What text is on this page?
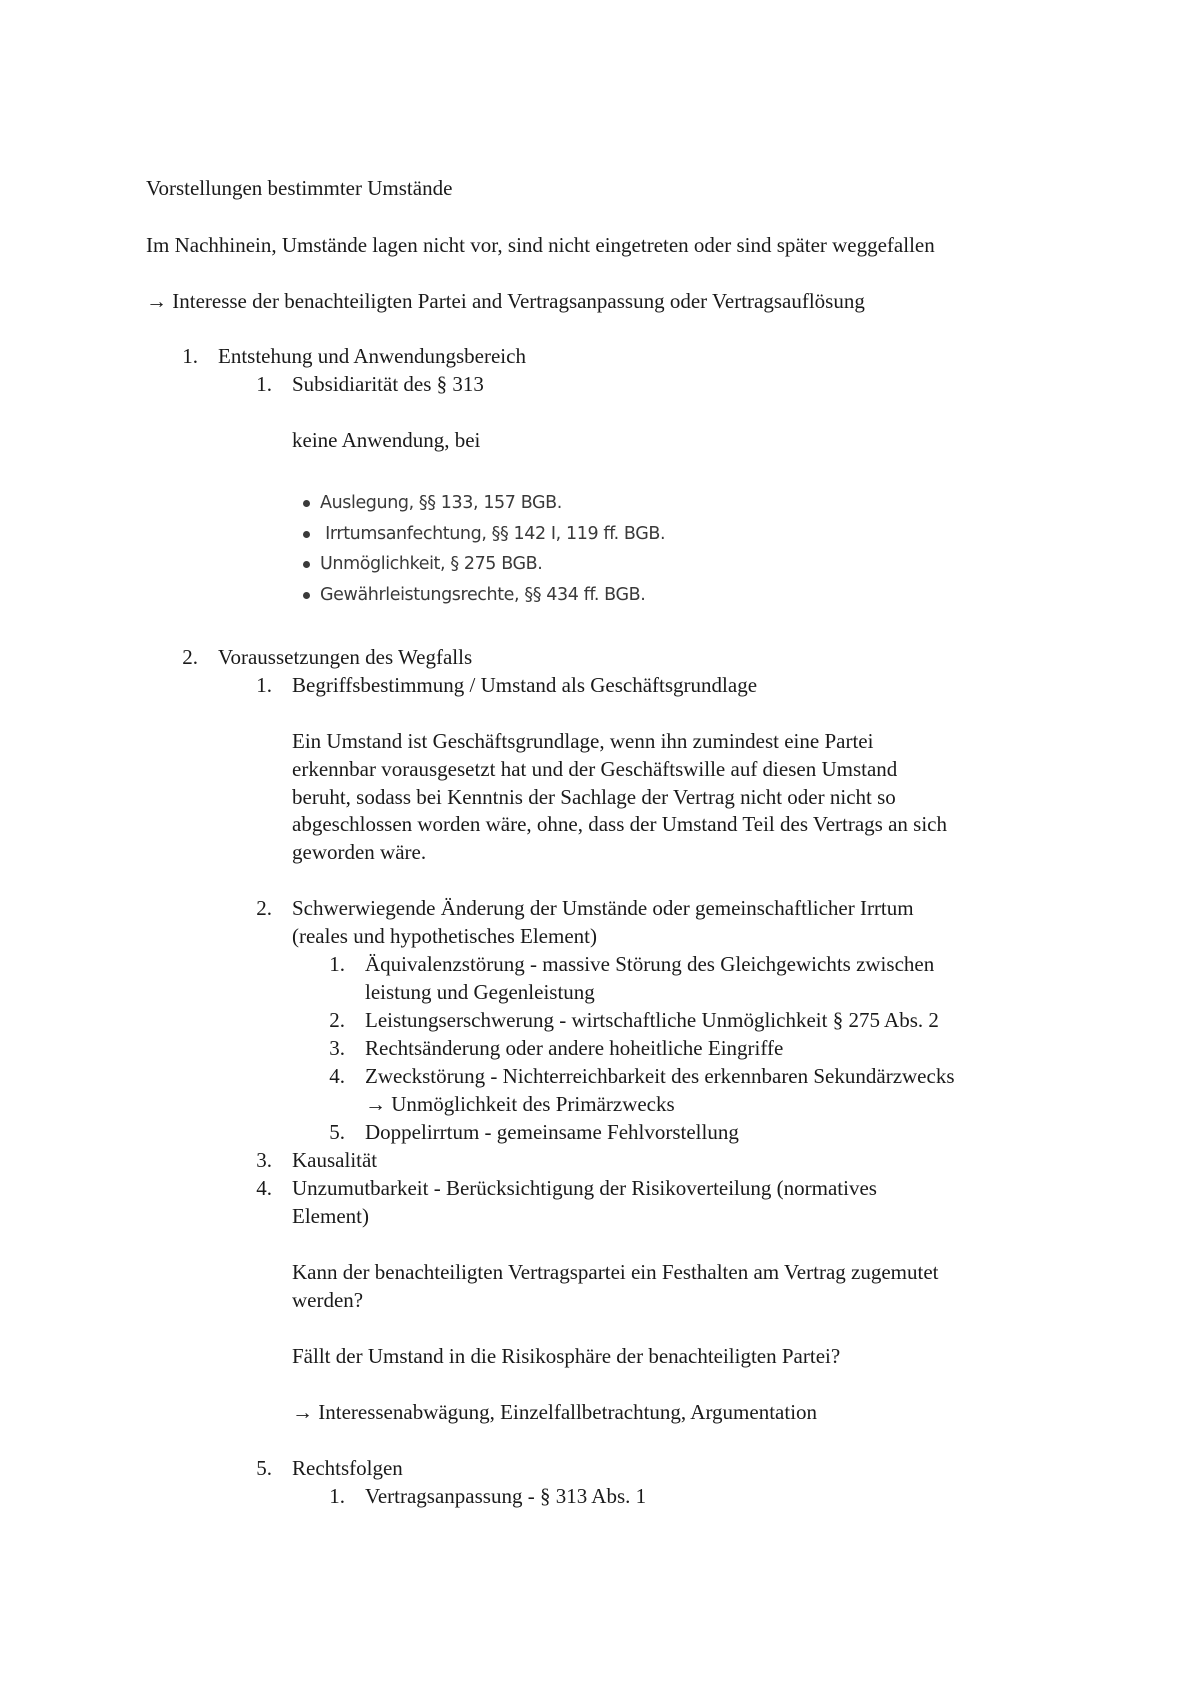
Vorstellungen bestimmter Umstände
Im Nachhinein, Umstände lagen nicht vor, sind nicht eingetreten oder sind später weggefallen
→ Interesse der benachteiligten Partei and Vertragsanpassung oder Vertragsauflösung
1. Entstehung und Anwendungsbereich
1. Subsidiarität des § 313
keine Anwendung, bei
Auslegung, §§ 133, 157 BGB.
Irrtumsanfechtung, §§ 142 I, 119 ff. BGB.
Unmöglichkeit, § 275 BGB.
Gewährleistungsrechte, §§ 434 ff. BGB.
2. Voraussetzungen des Wegfalls
1. Begriffsbestimmung / Umstand als Geschäftsgrundlage
Ein Umstand ist Geschäftsgrundlage, wenn ihn zumindest eine Partei
erkennbar vorausgesetzt hat und der Geschäftswille auf diesen Umstand
beruht, sodass bei Kenntnis der Sachlage der Vertrag nicht oder nicht so
abgeschlossen worden wäre, ohne, dass der Umstand Teil des Vertrags an sich
geworden wäre.
2. Schwerwiegende Änderung der Umstände oder gemeinschaftlicher Irrtum
(reales und hypothetisches Element)
1. Äquivalenzstörung - massive Störung des Gleichgewichts zwischen
leistung und Gegenleistung
2. Leistungserschwerung - wirtschaftliche Unmöglichkeit § 275 Abs. 2
3. Rechtsänderung oder andere hoheitliche Eingriffe
4. Zweckstörung - Nichterreichbarkeit des erkennbaren Sekundärzwecks
→ Unmöglichkeit des Primärzwecks
5. Doppelirrtum - gemeinsame Fehlvorstellung
3. Kausalität
4. Unzumutbarkeit - Berücksichtigung der Risikoverteilung (normatives
Element)
Kann der benachteiligten Vertragspartei ein Festhalten am Vertrag zugemutet
werden?
Fällt der Umstand in die Risikosphäre der benachteiligten Partei?
→ Interessenabwägung, Einzelfallbetrachtung, Argumentation
5. Rechtsfolgen
1. Vertragsanpassung - § 313 Abs. 1
